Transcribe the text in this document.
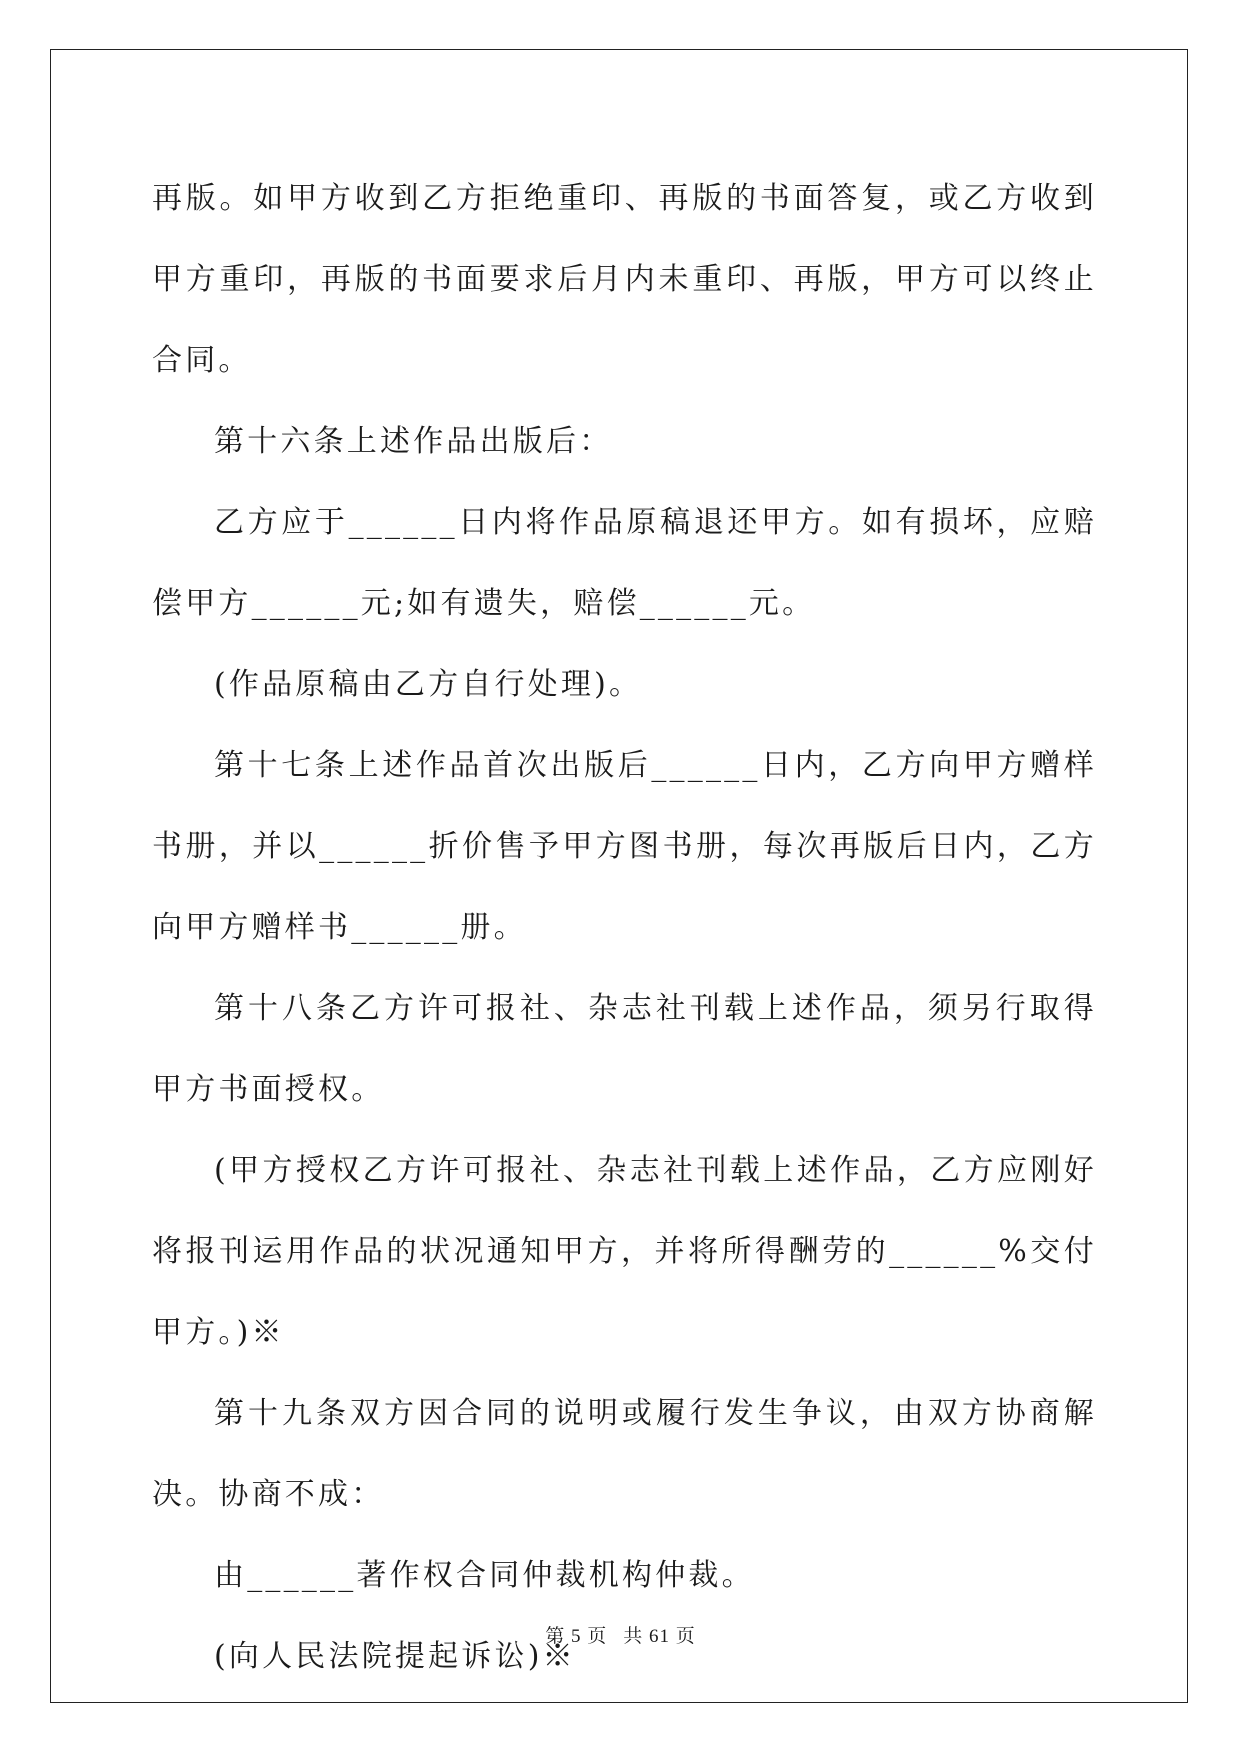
再版。如甲方收到乙方拒绝重印、再版的书面答复，或乙方收到甲方重印，再版的书面要求后月内未重印、再版，甲方可以终止合同。

第十六条上述作品出版后：

乙方应于______日内将作品原稿退还甲方。如有损坏，应赔偿甲方______元;如有遗失，赔偿______元。

(作品原稿由乙方自行处理)。

第十七条上述作品首次出版后______日内，乙方向甲方赠样书册，并以______折价售予甲方图书册，每次再版后日内，乙方向甲方赠样书______册。

第十八条乙方许可报社、杂志社刊载上述作品，须另行取得甲方书面授权。

(甲方授权乙方许可报社、杂志社刊载上述作品，乙方应刚好将报刊运用作品的状况通知甲方，并将所得酬劳的______%交付甲方。)※

第十九条双方因合同的说明或履行发生争议，由双方协商解决。协商不成：

由______著作权合同仲裁机构仲裁。

(向人民法院提起诉讼)※

第 5 页 共 61 页
